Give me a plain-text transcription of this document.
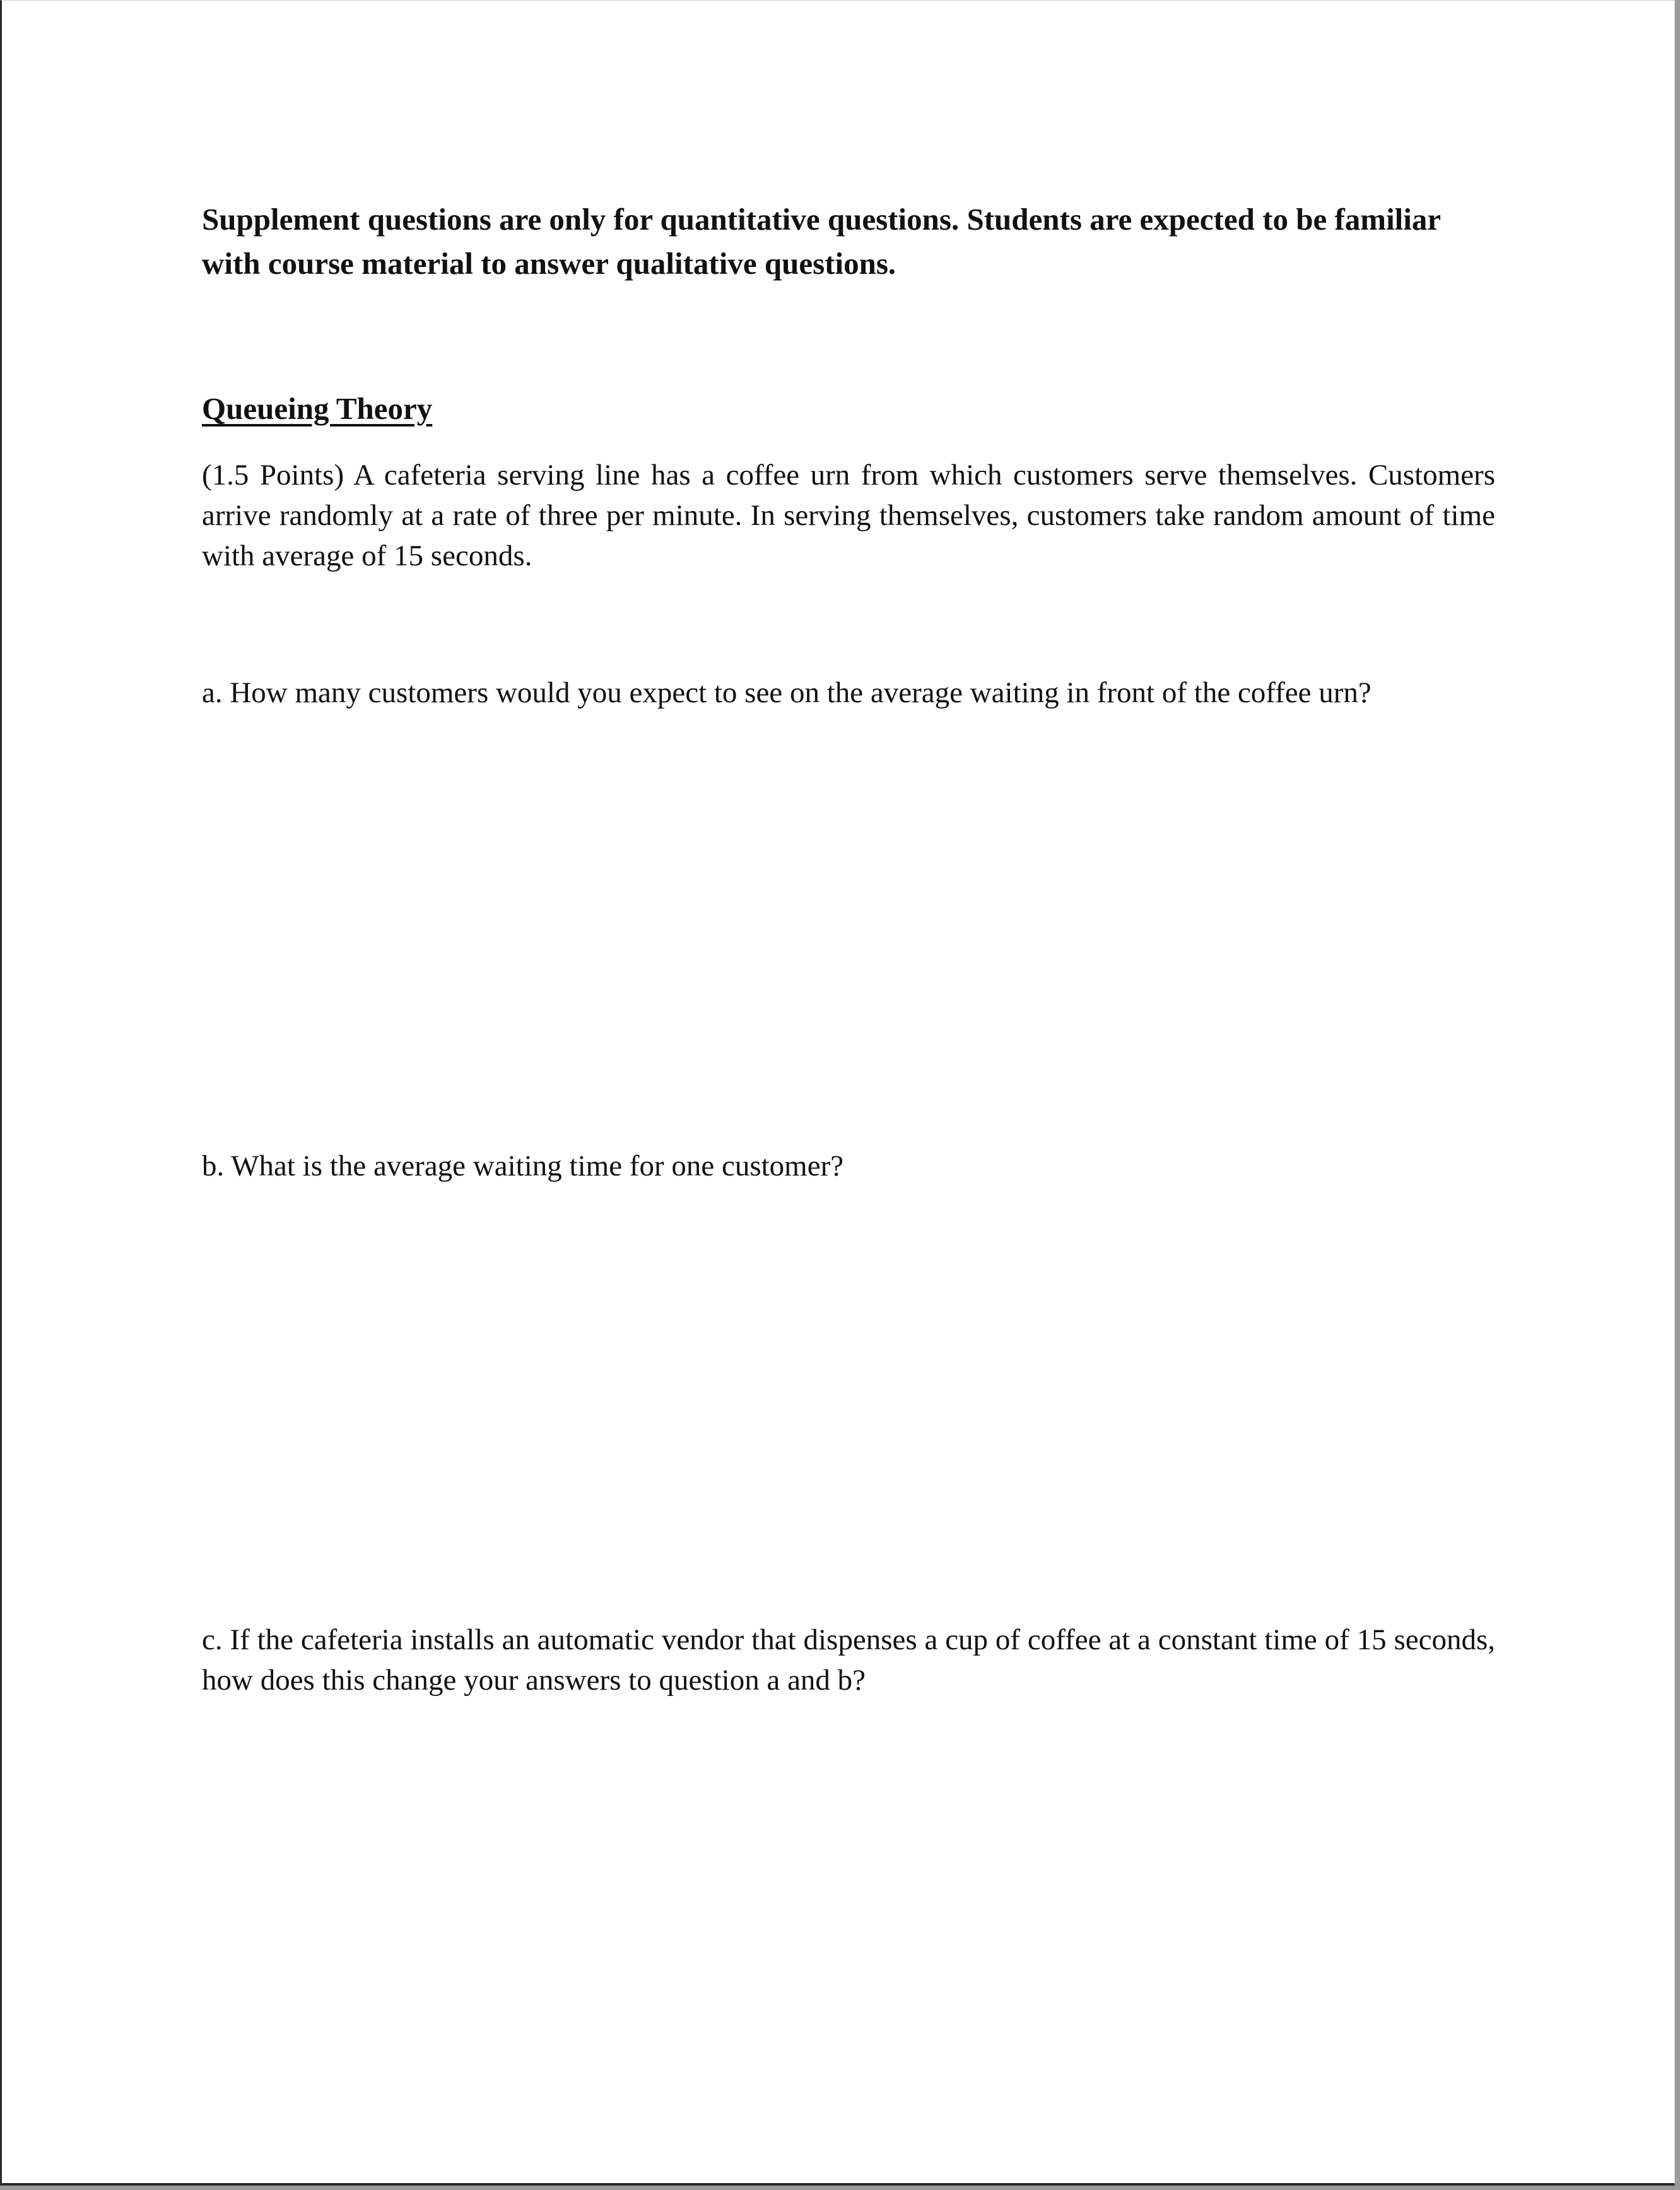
Supplement questions are only for quantitative questions. Students are expected to be familiar with course material to answer qualitative questions.
Queueing Theory
(1.5 Points) A cafeteria serving line has a coffee urn from which customers serve themselves. Customers arrive randomly at a rate of three per minute. In serving themselves, customers take random amount of time with average of 15 seconds.
a. How many customers would you expect to see on the average waiting in front of the coffee urn?
b. What is the average waiting time for one customer?
c. If the cafeteria installs an automatic vendor that dispenses a cup of coffee at a constant time of 15 seconds, how does this change your answers to question a and b?
